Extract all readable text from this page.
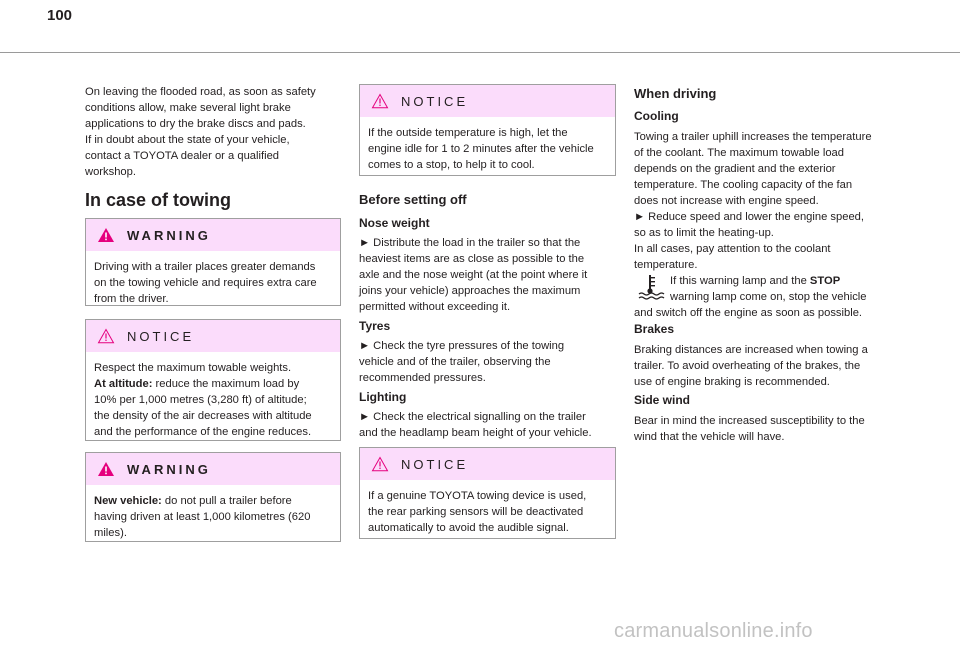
100
On leaving the flooded road, as soon as safety
conditions allow, make several light brake
applications to dry the brake discs and pads.
If in doubt about the state of your vehicle,
contact a TOYOTA dealer or a qualified
workshop.
In case of towing
WARNING
Driving with a trailer places greater demands
on the towing vehicle and requires extra care
from the driver.
NOTICE
Respect the maximum towable weights.
At altitude: reduce the maximum load by
10% per 1,000 metres (3,280 ft) of altitude;
the density of the air decreases with altitude
and the performance of the engine reduces.
WARNING
New vehicle: do not pull a trailer before
having driven at least 1,000 kilometres (620
miles).
NOTICE
If the outside temperature is high, let the
engine idle for 1 to 2 minutes after the vehicle
comes to a stop, to help it to cool.
Before setting off
Nose weight
► Distribute the load in the trailer so that the
heaviest items are as close as possible to the
axle and the nose weight (at the point where it
joins your vehicle) approaches the maximum
permitted without exceeding it.
Tyres
► Check the tyre pressures of the towing
vehicle and of the trailer, observing the
recommended pressures.
Lighting
► Check the electrical signalling on the trailer
and the headlamp beam height of your vehicle.
NOTICE
If a genuine TOYOTA towing device is used,
the rear parking sensors will be deactivated
automatically to avoid the audible signal.
When driving
Cooling
Towing a trailer uphill increases the temperature
of the coolant. The maximum towable load
depends on the gradient and the exterior
temperature. The cooling capacity of the fan
does not increase with engine speed.
► Reduce speed and lower the engine speed,
so as to limit the heating-up.
In all cases, pay attention to the coolant
temperature.
If this warning lamp and the STOP
warning lamp come on, stop the vehicle
and switch off the engine as soon as possible.
Brakes
Braking distances are increased when towing a
trailer. To avoid overheating of the brakes, the
use of engine braking is recommended.
Side wind
Bear in mind the increased susceptibility to the
wind that the vehicle will have.
carmanualsonline.info
